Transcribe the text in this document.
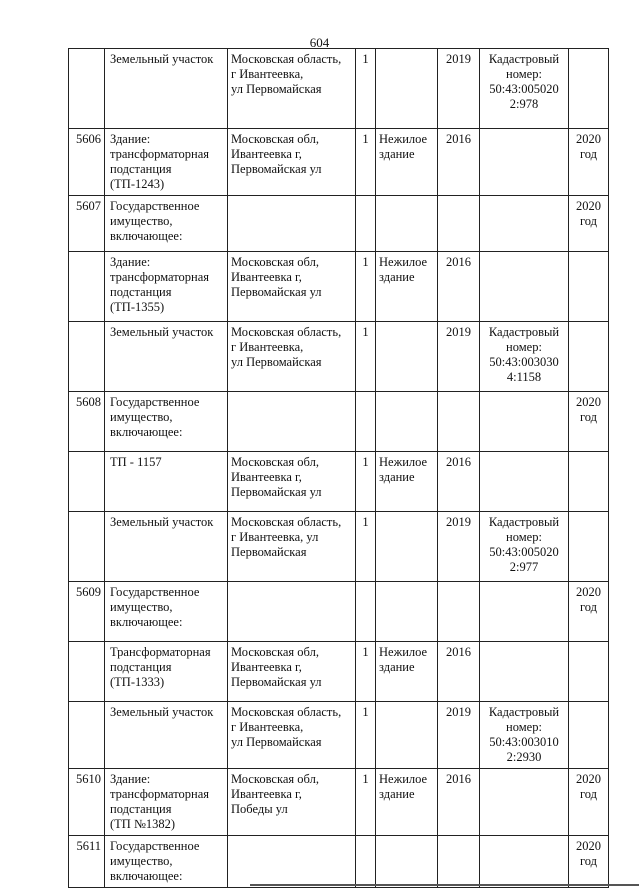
604
	Земельный участок	Московская область,
г Ивантеевка,
ул Первомайская	1		2019	Кадастровый
номер:
50:43:005020
2:978	
5606	Здание:
трансформаторная
подстанция
(ТП-1243)	Московская обл,
Ивантеевка г,
Первомайская ул	1	Нежилое
здание	2016		2020
год
5607	Государственное
имущество,
включающее:						2020
год
	Здание:
трансформаторная
подстанция
(ТП-1355)	Московская обл,
Ивантеевка г,
Первомайская ул	1	Нежилое
здание	2016		
	Земельный участок	Московская область,
г Ивантеевка,
ул Первомайская	1		2019	Кадастровый
номер:
50:43:003030
4:1158	
5608	Государственное
имущество,
включающее:						2020
год
	ТП - 1157	Московская обл,
Ивантеевка г,
Первомайская ул	1	Нежилое
здание	2016		
	Земельный участок	Московская область,
г Ивантеевка, ул
Первомайская	1		2019	Кадастровый
номер:
50:43:005020
2:977	
5609	Государственное
имущество,
включающее:						2020
год
	Трансформаторная
подстанция
(ТП-1333)	Московская обл,
Ивантеевка г,
Первомайская ул	1	Нежилое
здание	2016		
	Земельный участок	Московская область,
г Ивантеевка,
ул Первомайская	1		2019	Кадастровый
номер:
50:43:003010
2:2930	
5610	Здание:
трансформаторная
подстанция
(ТП №1382)	Московская обл,
Ивантеевка г,
Победы ул	1	Нежилое
здание	2016		2020
год
5611	Государственное
имущество,
включающее:						2020
год
